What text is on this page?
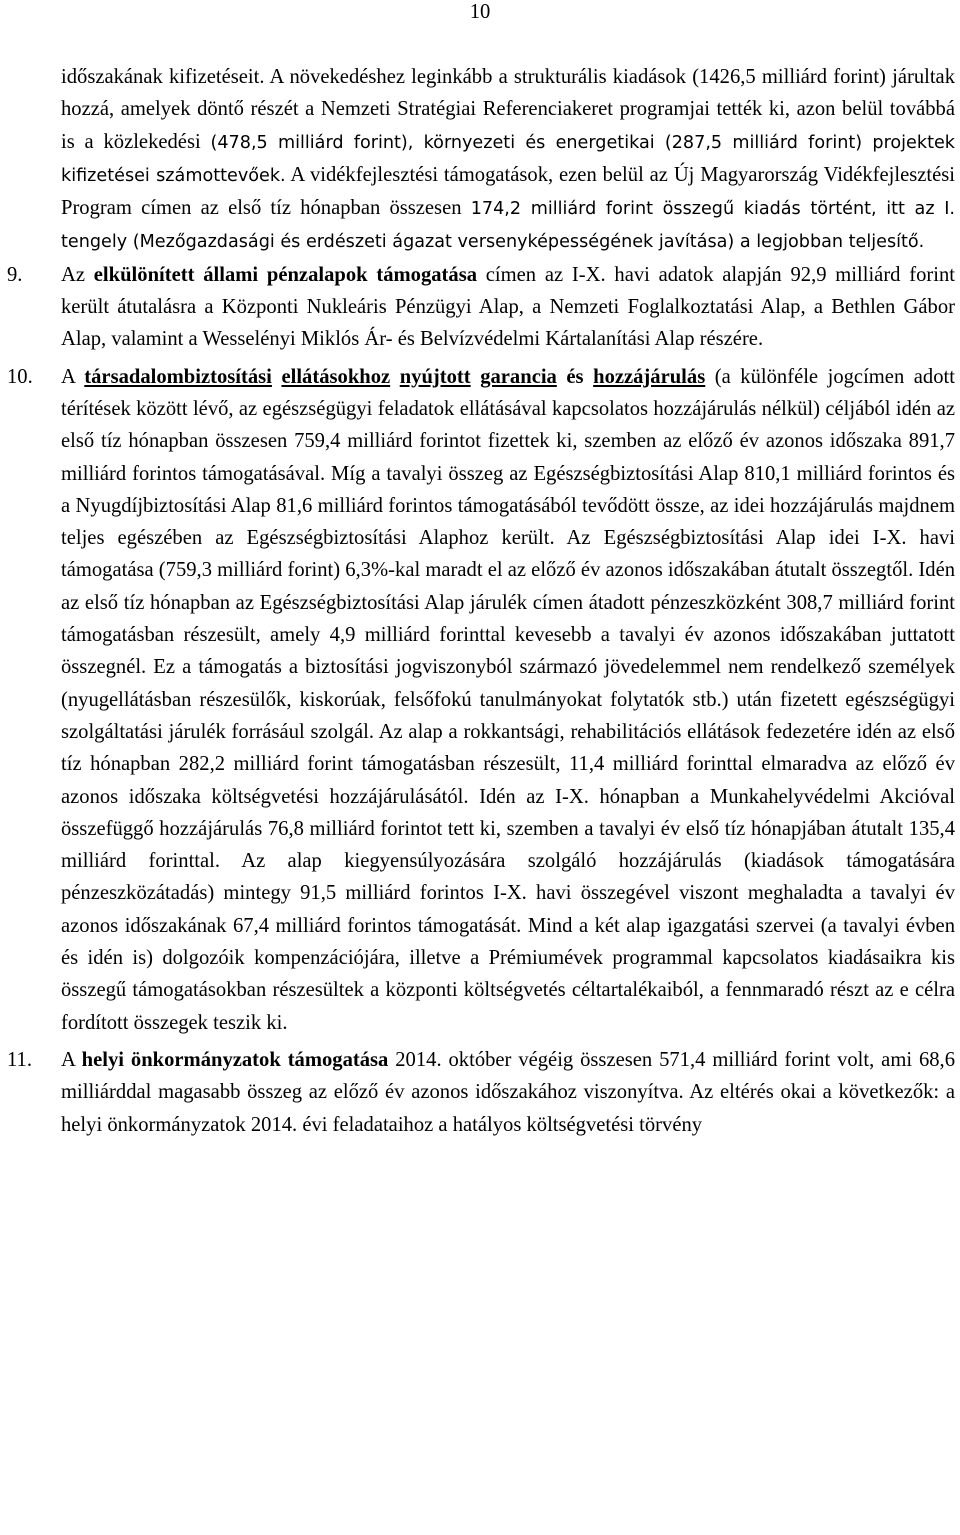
10

időszakának kifizetéseit. A növekedéshez leginkább a strukturális kiadások (1426,5 milliárd forint) járultak hozzá, amelyek döntő részét a Nemzeti Stratégiai Referenciakeret programjai tették ki, azon belül továbbá is a közlekedési (478,5 milliárd forint), környezeti és energetikai (287,5 milliárd forint) projektek kifizetései számottevőek. A vidékfejlesztési támogatások, ezen belül az Új Magyarország Vidékfejlesztési Program címen az első tíz hónapban összesen 174,2 milliárd forint összegű kiadás történt, itt az I. tengely (Mezőgazdasági és erdészeti ágazat versenyképességének javítása) a legjobban teljesítő.

9. Az elkülönített állami pénzalapok támogatása címen az I-X. havi adatok alapján 92,9 milliárd forint került átutalásra a Központi Nukleáris Pénzügyi Alap, a Nemzeti Foglalkoztatási Alap, a Bethlen Gábor Alap, valamint a Wesselényi Miklós Ár- és Belvízvédelmi Kártalanítási Alap részére.

10. A társadalombiztosítási ellátásokhoz nyújtott garancia és hozzájárulás (a különféle jogcímen adott térítések között lévő, az egészségügyi feladatok ellátásával kapcsolatos hozzájárulás nélkül) céljából idén az első tíz hónapban összesen 759,4 milliárd forintot fizettek ki, szemben az előző év azonos időszaka 891,7 milliárd forintos támogatásával. Míg a tavalyi összeg az Egészségbiztosítási Alap 810,1 milliárd forintos és a Nyugdíjbiztosítási Alap 81,6 milliárd forintos támogatásából tevődött össze, az idei hozzájárulás majdnem teljes egészében az Egészségbiztosítási Alaphoz került. Az Egészségbiztosítási Alap idei I-X. havi támogatása (759,3 milliárd forint) 6,3%-kal maradt el az előző év azonos időszakában átutalt összegtől. Idén az első tíz hónapban az Egészségbiztosítási Alap járulék címen átadott pénzeszközként 308,7 milliárd forint támogatásban részesült, amely 4,9 milliárd forinttal kevesebb a tavalyi év azonos időszakában juttatott összegnél. Ez a támogatás a biztosítási jogviszonyból származó jövedelemmel nem rendelkező személyek (nyugellátásban részesülők, kiskorúak, felsőfokú tanulmányokat folytatók stb.) után fizetett egészségügyi szolgáltatási járulék forrásául szolgál. Az alap a rokkantsági, rehabilitációs ellátások fedezetére idén az első tíz hónapban 282,2 milliárd forint támogatásban részesült, 11,4 milliárd forinttal elmaradva az előző év azonos időszaka költségvetési hozzájárulásától. Idén az I-X. hónapban a Munkahelyvédelmi Akcióval összefüggő hozzájárulás 76,8 milliárd forintot tett ki, szemben a tavalyi év első tíz hónapjában átutalt 135,4 milliárd forinttal. Az alap kiegyensúlyozására szolgáló hozzájárulás (kiadások támogatására pénzeszközátadás) mintegy 91,5 milliárd forintos I-X. havi összegével viszont meghaladta a tavalyi év azonos időszakának 67,4 milliárd forintos támogatását. Mind a két alap igazgatási szervei (a tavalyi évben és idén is) dolgozóik kompenzációjára, illetve a Prémiumévek programmal kapcsolatos kiadásaikra kis összegű támogatásokban részesültek a központi költségvetés céltartalékaiból, a fennmaradó részt az e célra fordított összegek teszik ki.

11. A helyi önkormányzatok támogatása 2014. október végéig összesen 571,4 milliárd forint volt, ami 68,6 milliárddal magasabb összeg az előző év azonos időszakához viszonyítva. Az eltérés okai a következők: a helyi önkormányzatok 2014. évi feladataihoz a hatályos költségvetési törvény
